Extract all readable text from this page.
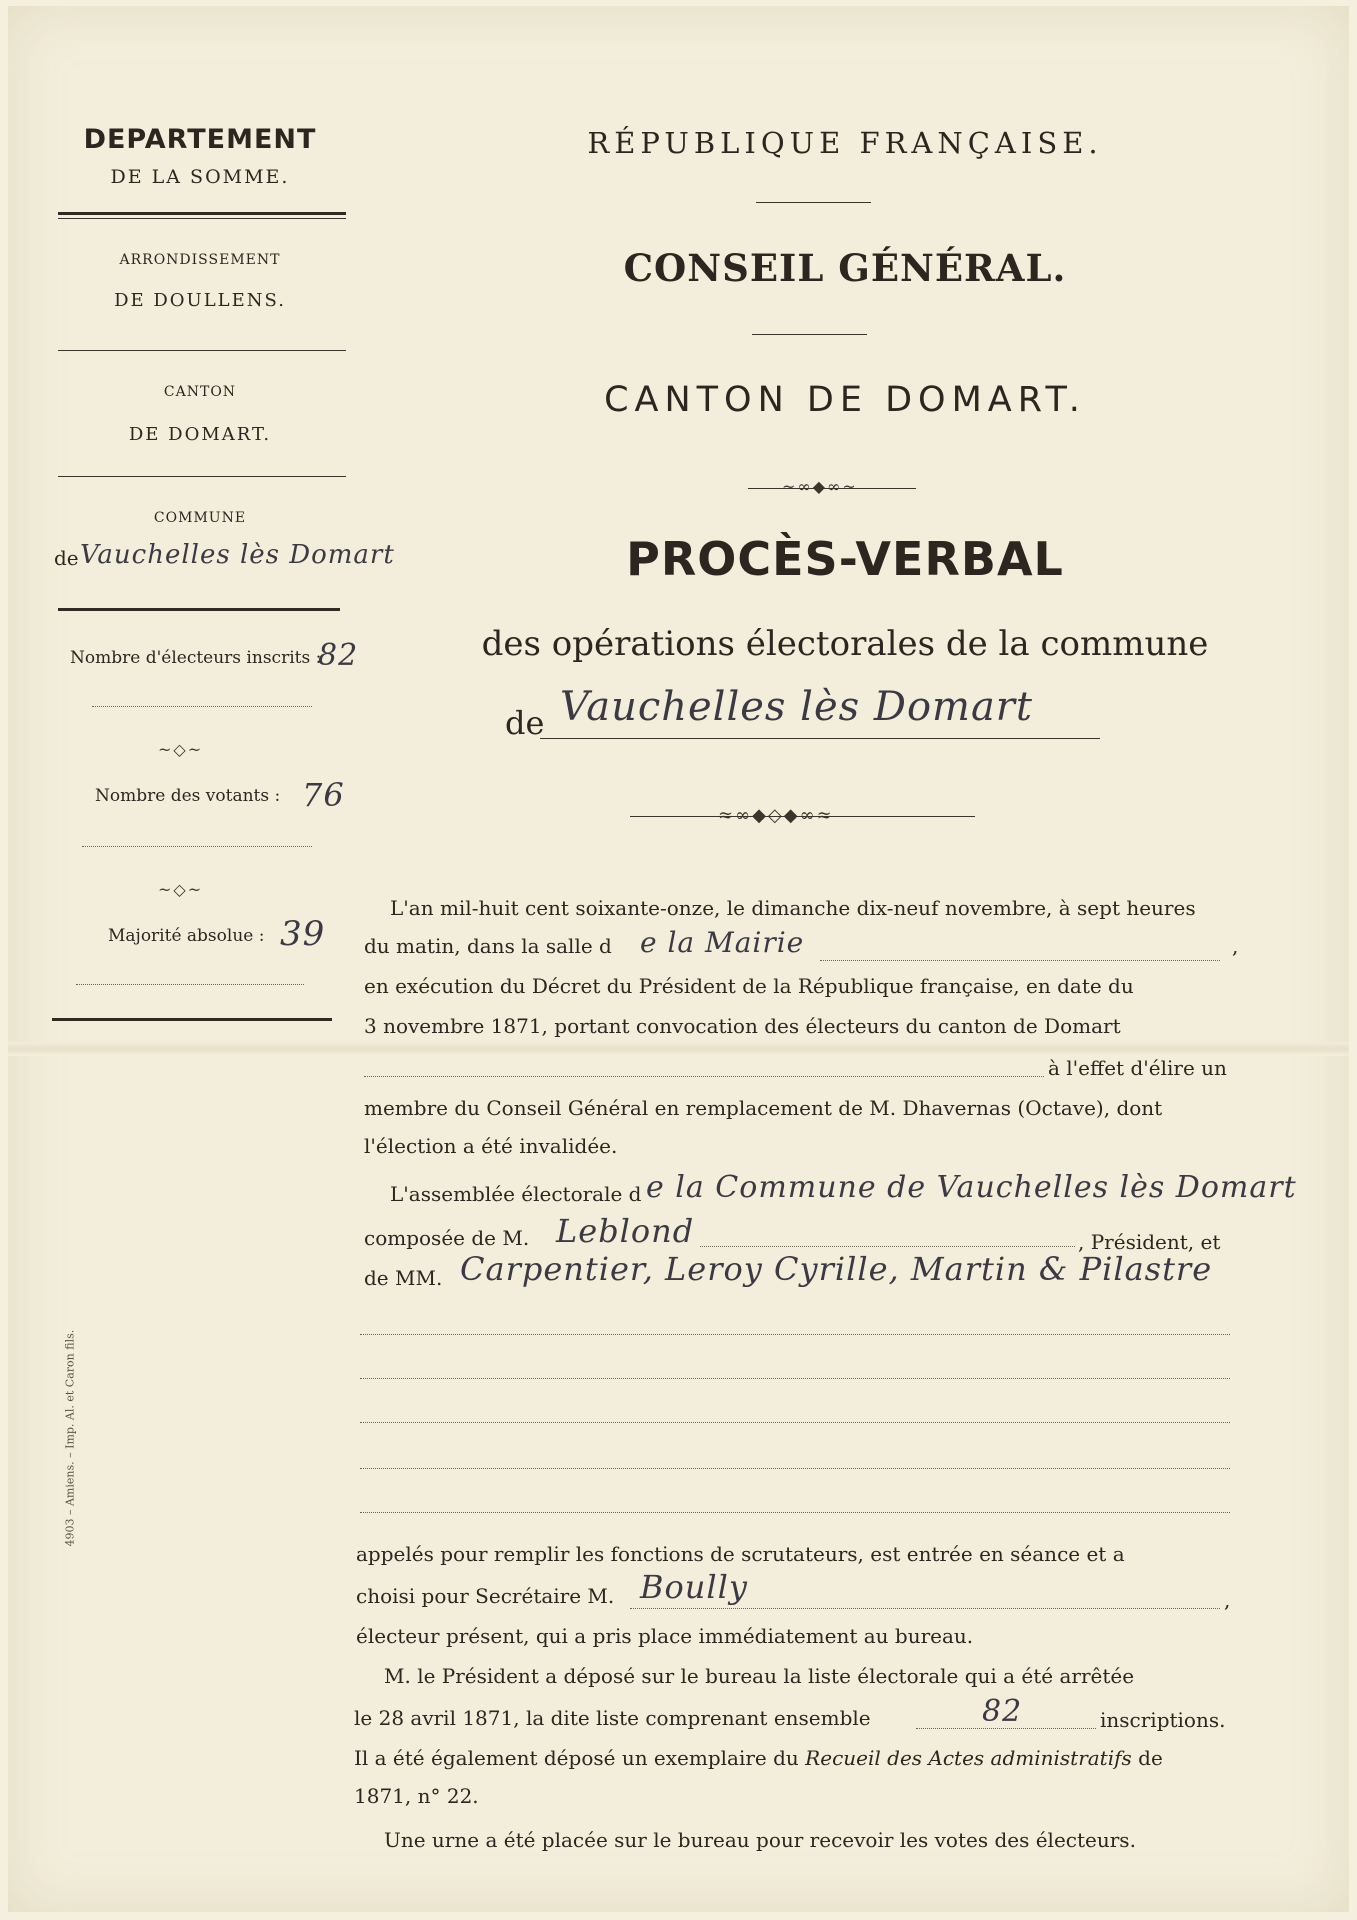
DEPARTEMENT
DE LA SOMME.
ARRONDISSEMENT
DE DOULLENS.
CANTON
DE DOMART.
COMMUNE
de Vauchelles lès Domart
Nombre d'électeurs inscrits :
82
~◇~
Nombre des votants : 76
~◇~
Majorité absolue : 39
4903 – Amiens. – Imp. Al. et Caron fils.
RÉPUBLIQUE FRANÇAISE.
CONSEIL GÉNÉRAL.
CANTON DE DOMART.
~∞◆∞~
PROCÈS-VERBAL
des opérations électorales de la commune
de Vauchelles lès Domart
≈∞◆◇◆∞≈
L'an mil-huit cent soixante-onze, le dimanche dix-neuf novembre, à sept heures
du matin, dans la salle d e la Mairie	,
en exécution du Décret du Président de la République française, en date du
3 novembre 1871, portant convocation des électeurs du canton de Domart
à l'effet d'élire un
membre du Conseil Général en remplacement de M. Dhavernas (Octave), dont
l'élection a été invalidée.
L'assemblée électorale d e la Commune de Vauchelles lès Domart
composée de M. Leblond	, Président, et
de MM. Carpentier, Leroy Cyrille, Martin & Pilastre
appelés pour remplir les fonctions de scrutateurs, est entrée en séance et a
choisi pour Secrétaire M. Boully	,
électeur présent, qui a pris place immédiatement au bureau.
M. le Président a déposé sur le bureau la liste électorale qui a été arrêtée
le 28 avril 1871, la dite liste comprenant ensemble	82	inscriptions.
Il a été également déposé un exemplaire du Recueil des Actes administratifs de
1871, n° 22.
Une urne a été placée sur le bureau pour recevoir les votes des électeurs.
